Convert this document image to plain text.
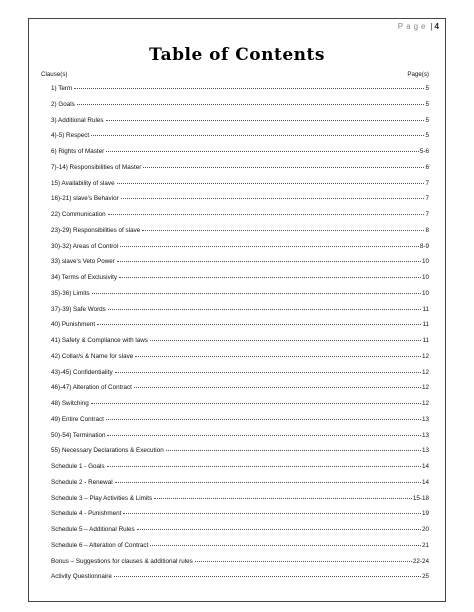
Page | 4
Table of Contents
Clause(s)	Page(s)
1) Term	5
2) Goals	5
3) Additional Rules	5
4)-5) Respect	5
6) Rights of Master	5-6
7)-14) Responsibilities of Master	6
15) Availability of slave	7
16)-21) slave's Behavior	7
22) Communication	7
23)-29) Responsibilities of slave	8
30)-32) Areas of Control	8-9
33) slave's Veto Power	10
34) Terms of Exclusivity	10
35)-36) Limits	10
37)-39) Safe Words	11
40) Punishment	11
41) Safety & Compliance with laws	11
42) Collar/s & Name for slave	12
43)-45) Confidentiality	12
46)-47) Alteration of Contract	12
48) Switching	12
49) Entire Contract	13
50)-54) Termination	13
55) Necessary Declarations & Execution	13
Schedule 1 - Goals	14
Schedule 2 - Renewal	14
Schedule 3 – Play Activities & Limits	15-18
Schedule 4 - Punishment	19
Schedule 5 – Additional Rules	20
Schedule 6 – Alteration of Contract	21
Bonus – Suggestions for clauses & additional rules	22-24
Activity Questionnaire	25
